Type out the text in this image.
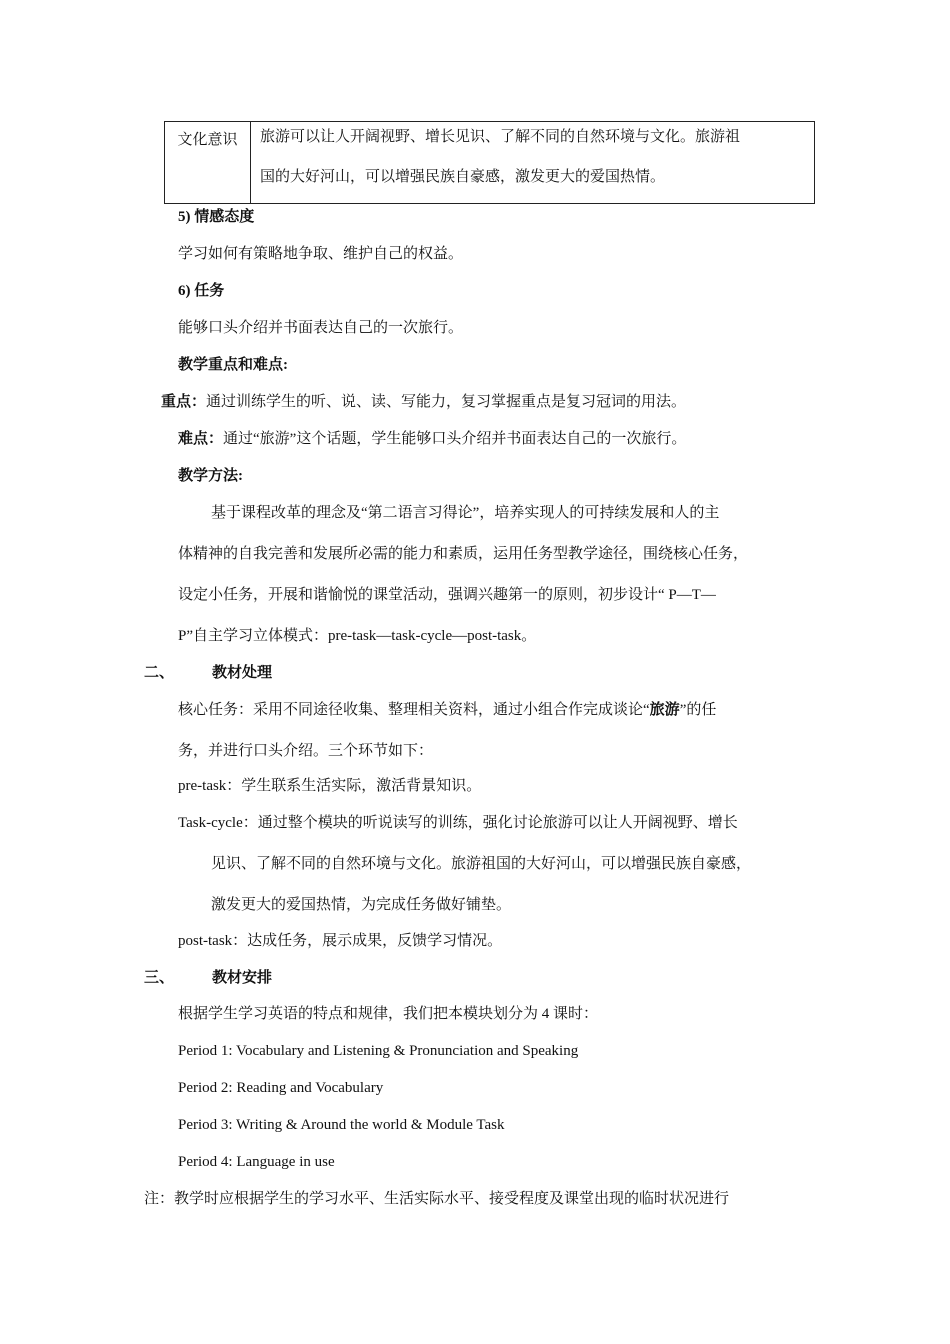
文化意识	旅游可以让人开阔视野、增长见识、了解不同的自然环境与文化。旅游祖
国的大好河山，可以增强民族自豪感，激发更大的爱国热情。
5) 情感态度
学习如何有策略地争取、维护自己的权益。
6) 任务
能够口头介绍并书面表达自己的一次旅行。
教学重点和难点:
重点：通过训练学生的听、说、读、写能力，复习掌握重点是复习冠词的用法。
难点：通过“旅游”这个话题，学生能够口头介绍并书面表达自己的一次旅行。
教学方法:
基于课程改革的理念及“第二语言习得论”，培养实现人的可持续发展和人的主
体精神的自我完善和发展所必需的能力和素质，运用任务型教学途径，围绕核心任务，
设定小任务，开展和谐愉悦的课堂活动，强调兴趣第一的原则，初步设计“ P—T—
P”自主学习立体模式：pre-task—task-cycle—post-task。
二、	教材处理
核心任务：采用不同途径收集、整理相关资料，通过小组合作完成谈论“旅游”的任
务，并进行口头介绍。三个环节如下：
pre-task：学生联系生活实际，激活背景知识。
Task-cycle：通过整个模块的听说读写的训练，强化讨论旅游可以让人开阔视野、增长
见识、了解不同的自然环境与文化。旅游祖国的大好河山，可以增强民族自豪感，
激发更大的爱国热情，为完成任务做好铺垫。
post-task：达成任务，展示成果，反馈学习情况。
三、	教材安排
根据学生学习英语的特点和规律，我们把本模块划分为 4 课时：
Period 1: Vocabulary and Listening & Pronunciation and Speaking
Period 2: Reading and Vocabulary
Period 3: Writing & Around the world & Module Task
Period 4: Language in use
注：教学时应根据学生的学习水平、生活实际水平、接受程度及课堂出现的临时状况进行
